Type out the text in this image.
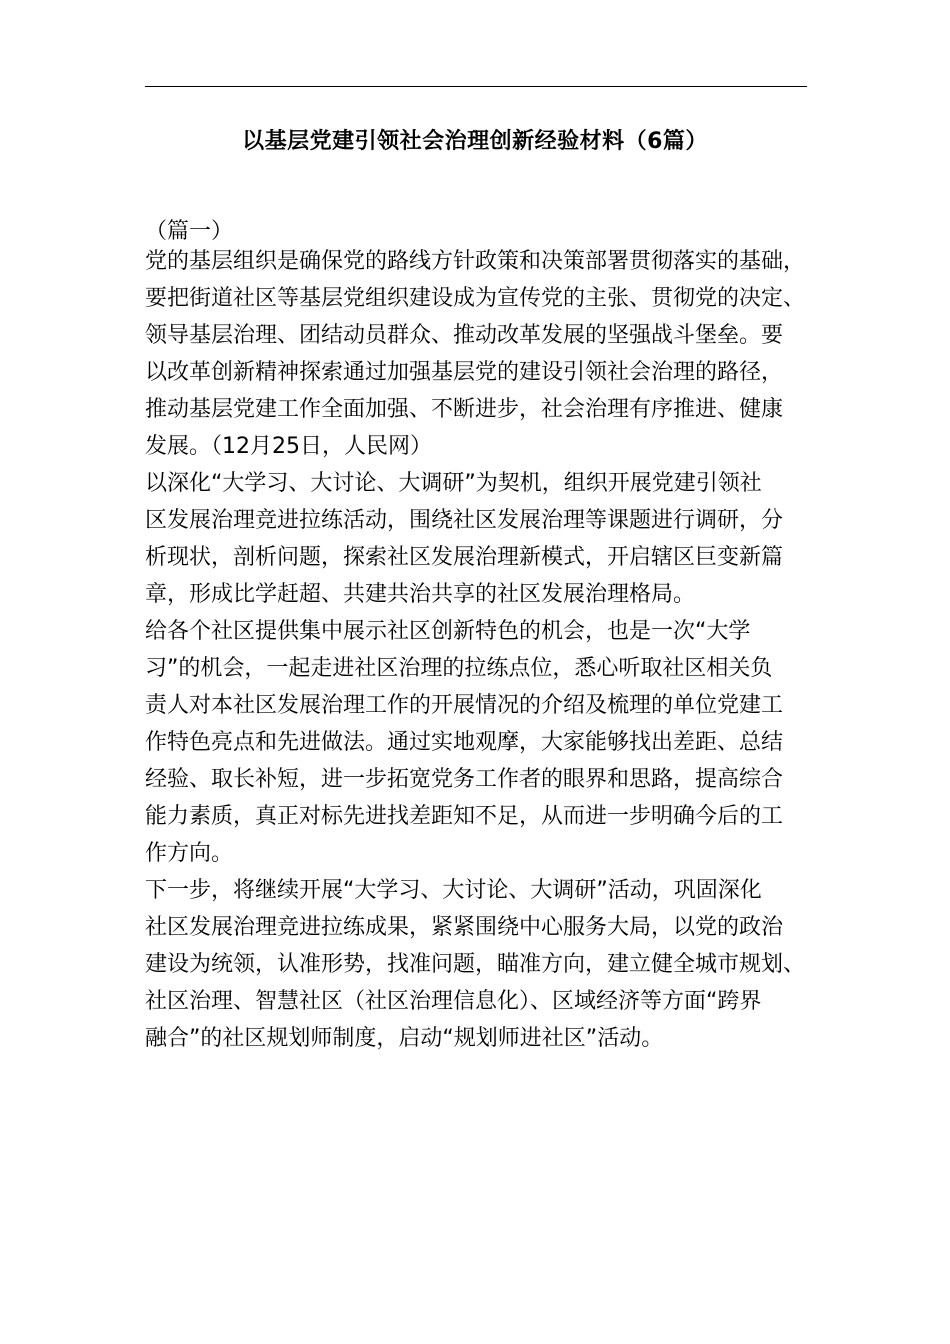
以基层党建引领社会治理创新经验材料（6篇）
（篇一）
党的基层组织是确保党的路线方针政策和决策部署贯彻落实的基础，
要把街道社区等基层党组织建设成为宣传党的主张、贯彻党的决定、
领导基层治理、团结动员群众、推动改革发展的坚强战斗堡垒。要
以改革创新精神探索通过加强基层党的建设引领社会治理的路径，
推动基层党建工作全面加强、不断进步，社会治理有序推进、健康
发展。（12月25日，人民网）
以深化“大学习、大讨论、大调研”为契机，组织开展党建引领社
区发展治理竞进拉练活动，围绕社区发展治理等课题进行调研，分
析现状，剖析问题，探索社区发展治理新模式，开启辖区巨变新篇
章，形成比学赶超、共建共治共享的社区发展治理格局。
给各个社区提供集中展示社区创新特色的机会，也是一次“大学
习”的机会，一起走进社区治理的拉练点位，悉心听取社区相关负
责人对本社区发展治理工作的开展情况的介绍及梳理的单位党建工
作特色亮点和先进做法。通过实地观摩，大家能够找出差距、总结
经验、取长补短，进一步拓宽党务工作者的眼界和思路，提高综合
能力素质，真正对标先进找差距知不足，从而进一步明确今后的工
作方向。
下一步，将继续开展“大学习、大讨论、大调研”活动，巩固深化
社区发展治理竞进拉练成果，紧紧围绕中心服务大局，以党的政治
建设为统领，认准形势，找准问题，瞄准方向，建立健全城市规划、
社区治理、智慧社区（社区治理信息化）、区域经济等方面“跨界
融合”的社区规划师制度，启动“规划师进社区”活动。
